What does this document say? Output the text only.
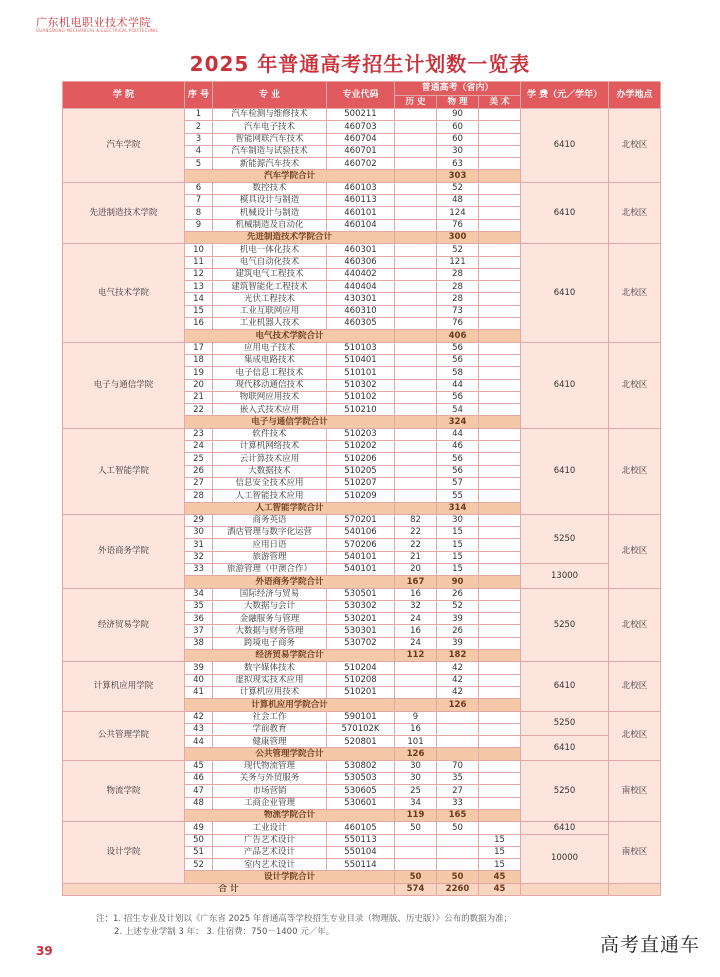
广东机电职业技术学院
GUANGDONG MECHANICAL & ELECTRICAL POLYTECHNIC
2025 年普通高考招生计划数一览表
学 院	序 号	专 业	专业代码	普通高考（省内）			学 费（元／学年）	办学地点
				历 史	物 理	美 术		
汽车学院	1	汽车检测与维修技术	500211		90		6410	北校区
	2	汽车电子技术	460703		60			
	3	智能网联汽车技术	460704		60			
	4	汽车制造与试验技术	460701		30			
	5	新能源汽车技术	460702		63			
	汽车学院合计				303			
先进制造技术学院	6	数控技术	460103		52		6410	北校区
	7	模具设计与制造	460113		48			
	8	机械设计与制造	460101		124			
	9	机械制造及自动化	460104		76			
	先进制造技术学院合计				300			
电气技术学院	10	机电一体化技术	460301		52		6410	北校区
	11	电气自动化技术	460306		121			
	12	建筑电气工程技术	440402		28			
	13	建筑智能化工程技术	440404		28			
	14	光伏工程技术	430301		28			
	15	工业互联网应用	460310		73			
	16	工业机器人技术	460305		76			
	电气技术学院合计				406			
电子与通信学院	17	应用电子技术	510103		56		6410	北校区
	18	集成电路技术	510401		56			
	19	电子信息工程技术	510101		58			
	20	现代移动通信技术	510302		44			
	21	物联网应用技术	510102		56			
	22	嵌入式技术应用	510210		54			
	电子与通信学院合计				324			
人工智能学院	23	软件技术	510203		44		6410	北校区
	24	计算机网络技术	510202		46			
	25	云计算技术应用	510206		56			
	26	大数据技术	510205		56			
	27	信息安全技术应用	510207		57			
	28	人工智能技术应用	510209		55			
	人工智能学院合计				314			
外语商务学院	29	商务英语	570201	82	30		5250	北校区
	30	酒店管理与数字化运营	540106	22	15			
	31	应用日语	570206	22	15			
	32	旅游管理	540101	21	15			
	33	旅游管理（中澳合作）	540101	20	15		13000	
	外语商务学院合计			167	90			
经济贸易学院	34	国际经济与贸易	530501	16	26		5250	北校区
	35	大数据与会计	530302	32	52			
	36	金融服务与管理	530201	24	39			
	37	大数据与财务管理	530301	16	26			
	38	跨境电子商务	530702	24	39			
	经济贸易学院合计			112	182			
计算机应用学院	39	数字媒体技术	510204		42		6410	北校区
	40	虚拟现实技术应用	510208		42			
	41	计算机应用技术	510201		42			
	计算机应用学院合计				126			
公共管理学院	42	社会工作	590101	9			5250	北校区
	43	学前教育	570102K	16				
	44	健康管理	520801	101			6410	
	公共管理学院合计			126				
物流学院	45	现代物流管理	530802	30	70		5250	南校区
	46	关务与外贸服务	530503	30	35			
	47	市场营销	530605	25	27			
	48	工商企业管理	530601	34	33			
	物流学院合计			119	165			
设计学院	49	工业设计	460105	50	50		6410	南校区
	50	广告艺术设计	550113			15	10000	
	51	产品艺术设计	550104			15		
	52	室内艺术设计	550114			15		
	设计学院合计			50	50	45		
合 计				574	2260	45		
注：1. 招生专业及计划以《广东省 2025 年普通高等学校招生专业目录（物理版、历史版）》公布的数据为准；
2. 上述专业学制 3 年； 3. 住宿费：750－1400 元／年。
39	高考直通车
